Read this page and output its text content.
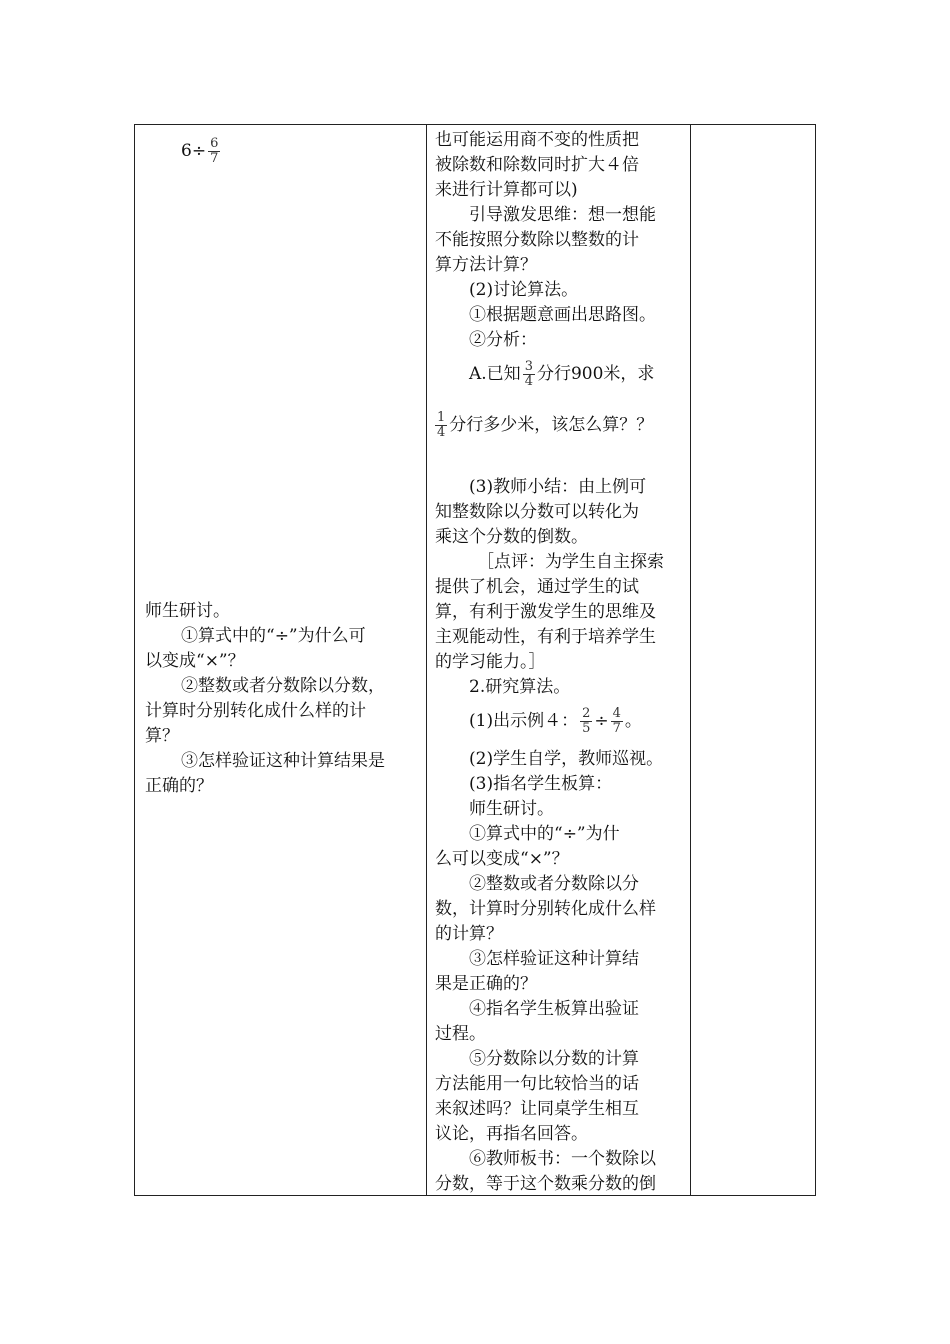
$6\div \frac{6}{7}$
师生研讨。
①算式中的“÷”为什么可
以变成“×”？
②整数或者分数除以分数，
计算时分别转化成什么样的计
算？
③怎样验证这种计算结果是
正确的？
也可能运用商不变的性质把
被除数和除数同时扩大４倍
来进行计算都可以)
引导激发思维：想一想能
不能按照分数除以整数的计
算方法计算？
(2)讨论算法。
①根据题意画出思路图。
②分析：
A.已知 $\frac{3}{4}$ 分行900米，求
$\frac{1}{4}$ 分行多少米，该怎么算？？
(3)教师小结：由上例可
知整数除以分数可以转化为
乘这个分数的倒数。
［点评：为学生自主探索
提供了机会，通过学生的试
算，有利于激发学生的思维及
主观能动性，有利于培养学生
的学习能力。］
2.研究算法。
(1)出示例４： $\frac{2}{5} \div \frac{4}{7}$ 。
(2)学生自学，教师巡视。
(3)指名学生板算：
师生研讨。
①算式中的“÷”为什
么可以变成“×”？
②整数或者分数除以分
数，计算时分别转化成什么样
的计算？
③怎样验证这种计算结
果是正确的？
④指名学生板算出验证
过程。
⑤分数除以分数的计算
方法能用一句比较恰当的话
来叙述吗？让同桌学生相互
议论，再指名回答。
⑥教师板书：一个数除以
分数，等于这个数乘分数的倒
